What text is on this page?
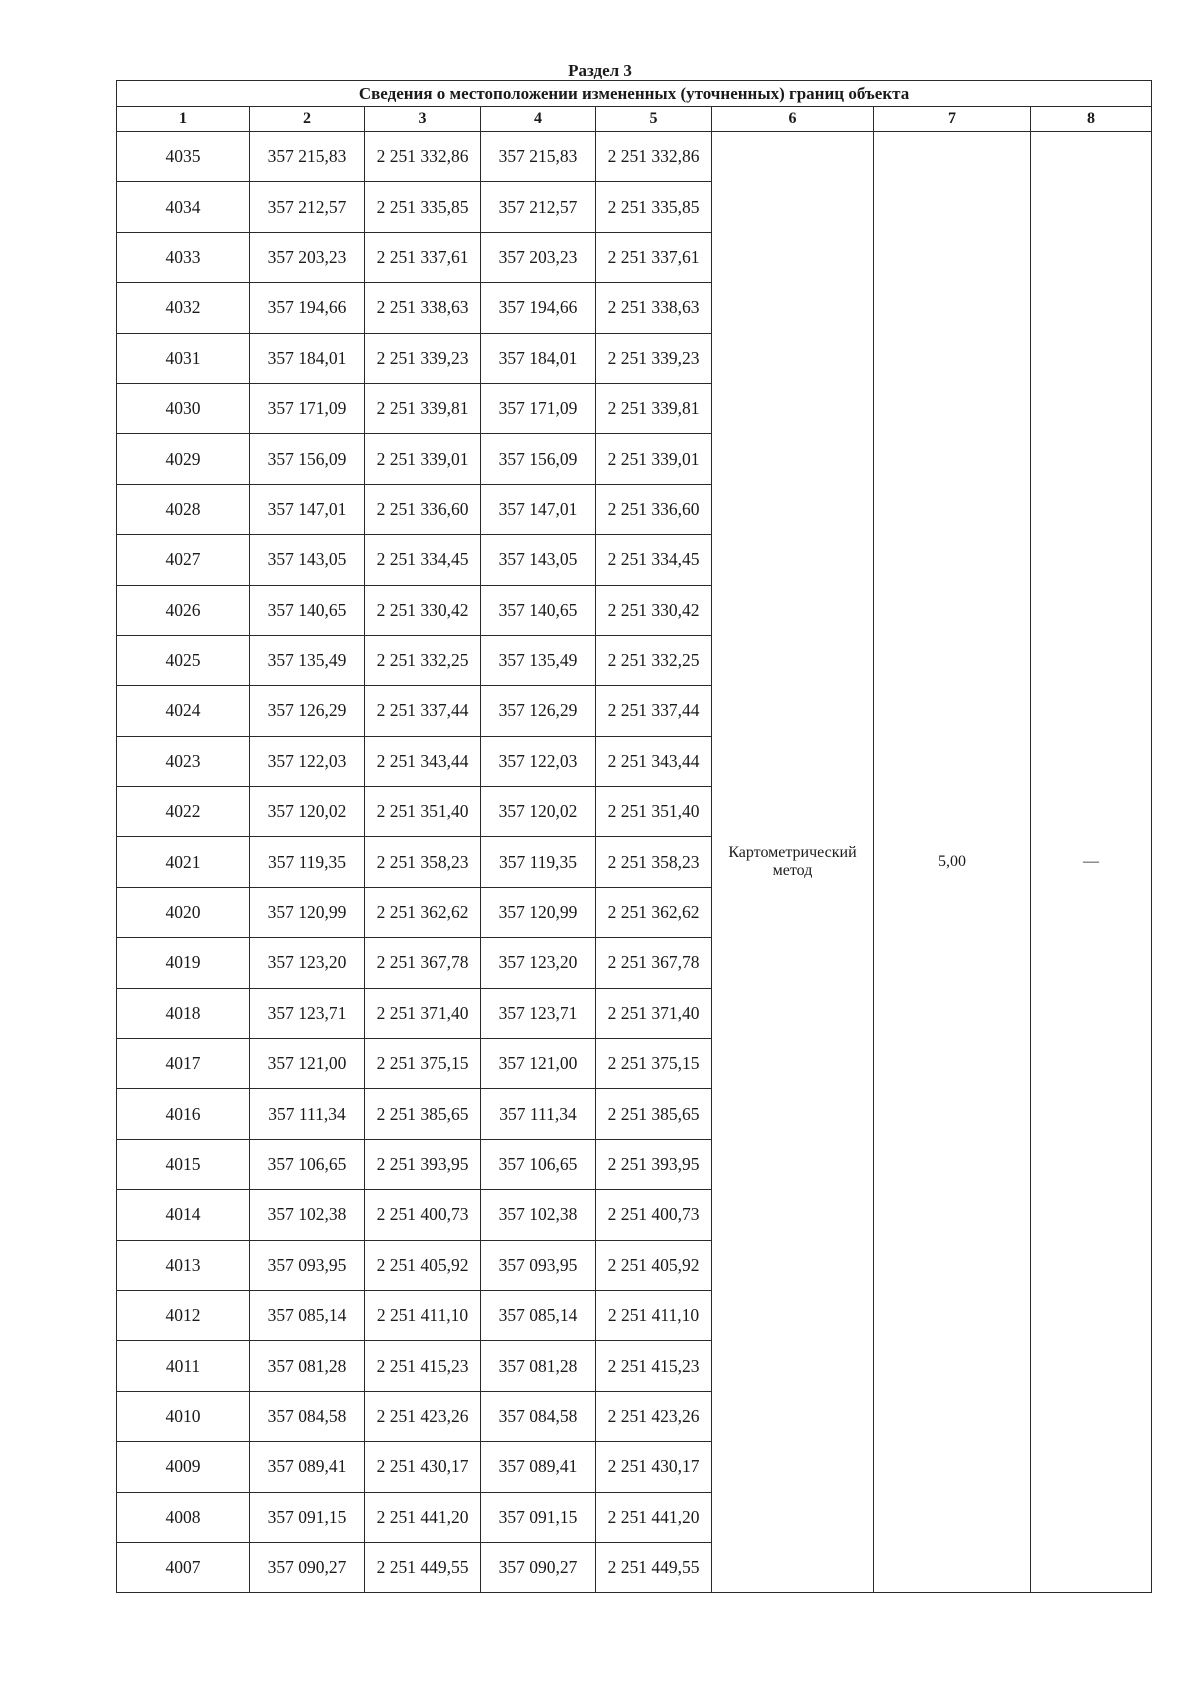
Раздел 3
Сведения о местоположении измененных (уточненных) границ объекта							
1	2	3	4	5	6	7	8
4035	357 215,83	2 251 332,86	357 215,83	2 251 332,86	Картометрический
метод	5,00	—
4034	357 212,57	2 251 335,85	357 212,57	2 251 335,85			
4033	357 203,23	2 251 337,61	357 203,23	2 251 337,61			
4032	357 194,66	2 251 338,63	357 194,66	2 251 338,63			
4031	357 184,01	2 251 339,23	357 184,01	2 251 339,23			
4030	357 171,09	2 251 339,81	357 171,09	2 251 339,81			
4029	357 156,09	2 251 339,01	357 156,09	2 251 339,01			
4028	357 147,01	2 251 336,60	357 147,01	2 251 336,60			
4027	357 143,05	2 251 334,45	357 143,05	2 251 334,45			
4026	357 140,65	2 251 330,42	357 140,65	2 251 330,42			
4025	357 135,49	2 251 332,25	357 135,49	2 251 332,25			
4024	357 126,29	2 251 337,44	357 126,29	2 251 337,44			
4023	357 122,03	2 251 343,44	357 122,03	2 251 343,44			
4022	357 120,02	2 251 351,40	357 120,02	2 251 351,40			
4021	357 119,35	2 251 358,23	357 119,35	2 251 358,23			
4020	357 120,99	2 251 362,62	357 120,99	2 251 362,62			
4019	357 123,20	2 251 367,78	357 123,20	2 251 367,78			
4018	357 123,71	2 251 371,40	357 123,71	2 251 371,40			
4017	357 121,00	2 251 375,15	357 121,00	2 251 375,15			
4016	357 111,34	2 251 385,65	357 111,34	2 251 385,65			
4015	357 106,65	2 251 393,95	357 106,65	2 251 393,95			
4014	357 102,38	2 251 400,73	357 102,38	2 251 400,73			
4013	357 093,95	2 251 405,92	357 093,95	2 251 405,92			
4012	357 085,14	2 251 411,10	357 085,14	2 251 411,10			
4011	357 081,28	2 251 415,23	357 081,28	2 251 415,23			
4010	357 084,58	2 251 423,26	357 084,58	2 251 423,26			
4009	357 089,41	2 251 430,17	357 089,41	2 251 430,17			
4008	357 091,15	2 251 441,20	357 091,15	2 251 441,20			
4007	357 090,27	2 251 449,55	357 090,27	2 251 449,55			
